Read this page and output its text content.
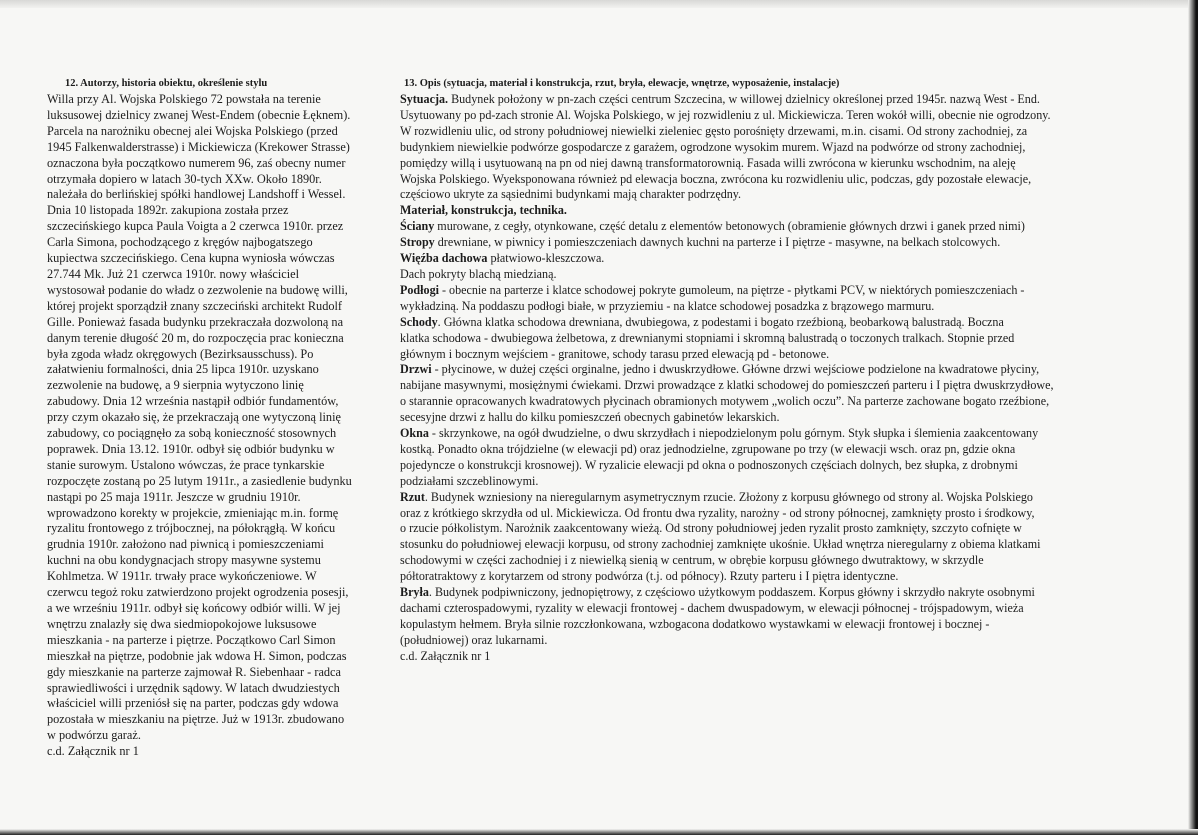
12. Autorzy, historia obiektu, określenie stylu
Willa przy Al. Wojska Polskiego 72 powstała na terenie
luksusowej dzielnicy zwanej West-Endem (obecnie Łęknem).
Parcela na narożniku obecnej alei Wojska Polskiego (przed
1945 Falkenwalderstrasse) i Mickiewicza (Krekower Strasse)
oznaczona była początkowo numerem 96, zaś obecny numer
otrzymała dopiero w latach 30-tych XXw. Około 1890r.
należała do berlińskiej spółki handlowej Landshoff i Wessel.
Dnia 10 listopada 1892r. zakupiona została przez
szczecińskiego kupca Paula Voigta a 2 czerwca 1910r. przez
Carla Simona, pochodzącego z kręgów najbogatszego
kupiectwa szczecińskiego. Cena kupna wyniosła wówczas
27.744 Mk. Już 21 czerwca 1910r. nowy właściciel
wystosował podanie do władz o zezwolenie na budowę willi,
której projekt sporządził znany szczeciński architekt Rudolf
Gille. Ponieważ fasada budynku przekraczała dozwoloną na
danym terenie długość 20 m, do rozpoczęcia prac konieczna
była zgoda władz okręgowych (Bezirksausschuss). Po
załatwieniu formalności, dnia 25 lipca 1910r. uzyskano
zezwolenie na budowę, a 9 sierpnia wytyczono linię
zabudowy. Dnia 12 września nastąpił odbiór fundamentów,
przy czym okazało się, że przekraczają one wytyczoną linię
zabudowy, co pociągnęło za sobą konieczność stosownych
poprawek. Dnia 13.12. 1910r. odbył się odbiór budynku w
stanie surowym. Ustalono wówczas, że prace tynkarskie
rozpoczęte zostaną po 25 lutym 1911r., a zasiedlenie budynku
nastąpi po 25 maja 1911r. Jeszcze w grudniu 1910r.
wprowadzono korekty w projekcie, zmieniając m.in. formę
ryzalitu frontowego z trójbocznej, na półokrągłą. W końcu
grudnia 1910r. założono nad piwnicą i pomieszczeniami
kuchni na obu kondygnacjach stropy masywne systemu
Kohlmetza. W 1911r. trwały prace wykończeniowe. W
czerwcu tegoż roku zatwierdzono projekt ogrodzenia posesji,
a we wrześniu 1911r. odbył się końcowy odbiór willi. W jej
wnętrzu znalazły się dwa siedmiopokojowe luksusowe
mieszkania - na parterze i piętrze. Początkowo Carl Simon
mieszkał na piętrze, podobnie jak wdowa H. Simon, podczas
gdy mieszkanie na parterze zajmował R. Siebenhaar - radca
sprawiedliwości i urzędnik sądowy. W latach dwudziestych
właściciel willi przeniósł się na parter, podczas gdy wdowa
pozostała w mieszkaniu na piętrze. Już w 1913r. zbudowano
w podwórzu garaż.
c.d. Załącznik nr 1
13. Opis (sytuacja, materiał i konstrukcja, rzut, bryła, elewacje, wnętrze, wyposażenie, instalacje)
Sytuacja. Budynek położony w pn-zach części centrum Szczecina, w willowej dzielnicy określonej przed 1945r. nazwą West - End.
Usytuowany po pd-zach stronie Al. Wojska Polskiego, w jej rozwidleniu z ul. Mickiewicza. Teren wokół willi, obecnie nie ogrodzony.
W rozwidleniu ulic, od strony południowej niewielki zieleniec gęsto porośnięty drzewami, m.in. cisami. Od strony zachodniej, za
budynkiem niewielkie podwórze gospodarcze z garażem, ogrodzone wysokim murem. Wjazd na podwórze od strony zachodniej,
pomiędzy willą i usytuowaną na pn od niej dawną transformatorownią. Fasada willi zwrócona w kierunku wschodnim, na aleję
Wojska Polskiego. Wyeksponowana również pd elewacja boczna, zwrócona ku rozwidleniu ulic, podczas, gdy pozostałe elewacje,
częściowo ukryte za sąsiednimi budynkami mają charakter podrzędny.
Materiał, konstrukcja, technika.
Ściany murowane, z cegły, otynkowane, część detalu z elementów betonowych (obramienie głównych drzwi i ganek przed nimi)
Stropy drewniane, w piwnicy i pomieszczeniach dawnych kuchni na parterze i I piętrze - masywne, na belkach stolcowych.
Więźba dachowa płatwiowo-kleszczowa.
Dach pokryty blachą miedzianą.
Podłogi - obecnie na parterze i klatce schodowej pokryte gumoleum, na piętrze - płytkami PCV, w niektórych pomieszczeniach -
wykładziną. Na poddaszu podłogi białe, w przyziemiu - na klatce schodowej posadzka z brązowego marmuru.
Schody. Główna klatka schodowa drewniana, dwubiegowa, z podestami i bogato rzeźbioną, beobarkową balustradą. Boczna
klatka schodowa - dwubiegowa żelbetowa, z drewnianymi stopniami i skromną balustradą o toczonych tralkach. Stopnie przed
głównym i bocznym wejściem - granitowe, schody tarasu przed elewacją pd - betonowe.
Drzwi - płycinowe, w dużej części orginalne, jedno i dwuskrzydłowe. Główne drzwi wejściowe podzielone na kwadratowe płyciny,
nabijane masywnymi, mosiężnymi ćwiekami. Drzwi prowadzące z klatki schodowej do pomieszczeń parteru i I piętra dwuskrzydłowe,
o starannie opracowanych kwadratowych płycinach obramionych motywem „wolich oczu”. Na parterze zachowane bogato rzeźbione,
secesyjne drzwi z hallu do kilku pomieszczeń obecnych gabinetów lekarskich.
Okna - skrzynkowe, na ogół dwudzielne, o dwu skrzydłach i niepodzielonym polu górnym. Styk słupka i ślemienia zaakcentowany
kostką. Ponadto okna trójdzielne (w elewacji pd) oraz jednodzielne, zgrupowane po trzy (w elewacji wsch. oraz pn, gdzie okna
pojedyncze o konstrukcji krosnowej). W ryzalicie elewacji pd okna o podnoszonych częściach dolnych, bez słupka, z drobnymi
podziałami szczeblinowymi.
Rzut. Budynek wzniesiony na nieregularnym asymetrycznym rzucie. Złożony z korpusu głównego od strony al. Wojska Polskiego
oraz z krótkiego skrzydła od ul. Mickiewicza. Od frontu dwa ryzality, narożny - od strony północnej, zamknięty prosto i środkowy,
o rzucie półkolistym. Narożnik zaakcentowany wieżą. Od strony południowej jeden ryzalit prosto zamknięty, szczyto cofnięte w
stosunku do południowej elewacji korpusu, od strony zachodniej zamknięte ukośnie. Układ wnętrza nieregularny z obiema klatkami
schodowymi w części zachodniej i z niewielką sienią w centrum, w obrębie korpusu głównego dwutraktowy, w skrzydle
półtoratraktowy z korytarzem od strony podwórza (t.j. od północy). Rzuty parteru i I piętra identyczne.
Bryła. Budynek podpiwniczony, jednopiętrowy, z częściowo użytkowym poddaszem. Korpus główny i skrzydło nakryte osobnymi
dachami czterospadowymi, ryzality w elewacji frontowej - dachem dwuspadowym, w elewacji północnej - trójspadowym, wieża
kopulastym hełmem. Bryła silnie rozczłonkowana, wzbogacona dodatkowo wystawkami w elewacji frontowej i bocznej -
(południowej) oraz lukarnami.
c.d. Załącznik nr 1
